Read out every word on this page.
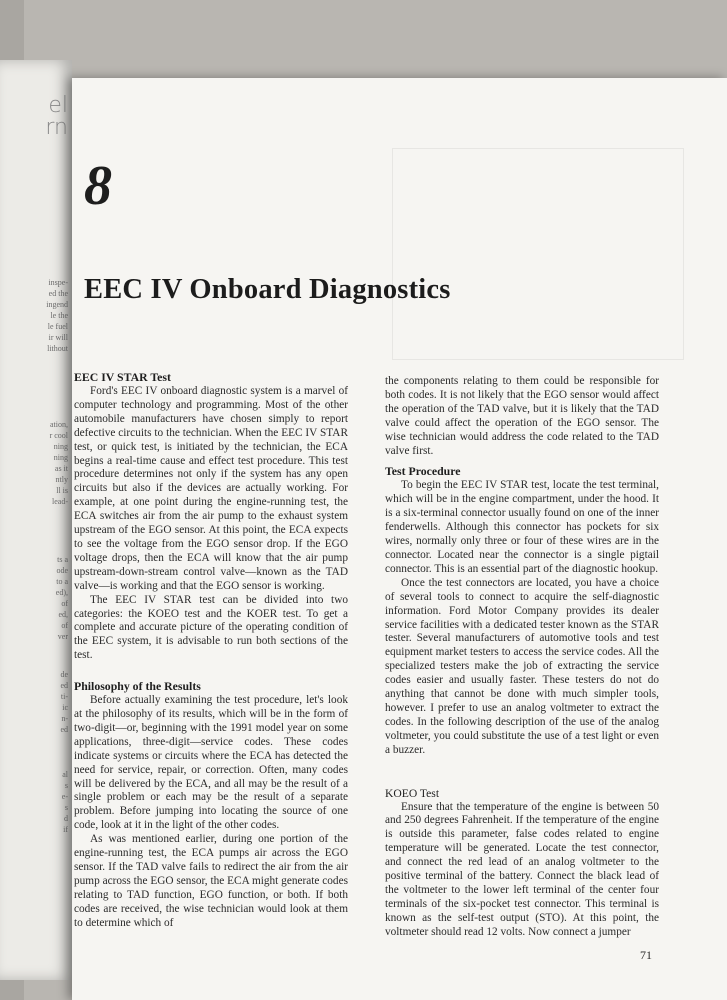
el
rn
inspe-
ed the
ingend
le the
le fuel
ir will
lithout
ation,
r cool
ning
ning
as it
ntly
ll is
lead-
ts a
ode
to a
ed),
of
ed,
of
ver
de
ed
ti-
ic
n-
ed
al
s
e-
s
d
if
8
EEC IV Onboard Diagnostics
EEC IV STAR Test

Ford's EEC IV onboard diagnostic system is a marvel of computer technology and programming. Most of the other automobile manufacturers have chosen simply to report defective circuits to the technician. When the EEC IV STAR test, or quick test, is initiated by the technician, the ECA begins a real-time cause and effect test procedure. This test procedure determines not only if the system has any open circuits but also if the devices are actually working. For example, at one point during the engine-running test, the ECA switches air from the air pump to the exhaust system upstream of the EGO sensor. At this point, the ECA expects to see the voltage from the EGO sensor drop. If the EGO voltage drops, then the ECA will know that the air pump upstream-down-stream control valve—known as the TAD valve—is working and that the EGO sensor is working.

The EEC IV STAR test can be divided into two categories: the KOEO test and the KOER test. To get a complete and accurate picture of the operating condition of the EEC system, it is advisable to run both sections of the test.

Philosophy of the Results

Before actually examining the test procedure, let's look at the philosophy of its results, which will be in the form of two-digit—or, beginning with the 1991 model year on some applications, three-digit—service codes. These codes indicate systems or circuits where the ECA has detected the need for service, repair, or correction. Often, many codes will be delivered by the ECA, and all may be the result of a single problem or each may be the result of a separate problem. Before jumping into locating the source of one code, look at it in the light of the other codes.

As was mentioned earlier, during one portion of the engine-running test, the ECA pumps air across the EGO sensor. If the TAD valve fails to redirect the air from the air pump across the EGO sensor, the ECA might generate codes relating to TAD function, EGO function, or both. If both codes are received, the wise technician would look at them to determine which of

the components relating to them could be responsible for both codes. It is not likely that the EGO sensor would affect the operation of the TAD valve, but it is likely that the TAD valve could affect the operation of the EGO sensor. The wise technician would address the code related to the TAD valve first.

Test Procedure

To begin the EEC IV STAR test, locate the test terminal, which will be in the engine compartment, under the hood. It is a six-terminal connector usually found on one of the inner fenderwells. Although this connector has pockets for six wires, normally only three or four of these wires are in the connector. Located near the connector is a single pigtail connector. This is an essential part of the diagnostic hookup.

Once the test connectors are located, you have a choice of several tools to connect to acquire the self-diagnostic information. Ford Motor Company provides its dealer service facilities with a dedicated tester known as the STAR tester. Several manufacturers of automotive tools and test equipment market testers to access the service codes. All the specialized testers make the job of extracting the service codes easier and usually faster. These testers do not do anything that cannot be done with much simpler tools, however. I prefer to use an analog voltmeter to extract the codes. In the following description of the use of the analog voltmeter, you could substitute the use of a test light or even a buzzer.

KOEO Test

Ensure that the temperature of the engine is between 50 and 250 degrees Fahrenheit. If the temperature of the engine is outside this parameter, false codes related to engine temperature will be generated. Locate the test connector, and connect the red lead of an analog voltmeter to the positive terminal of the battery. Connect the black lead of the voltmeter to the lower left terminal of the center four terminals of the six-pocket test connector. This terminal is known as the self-test output (STO). At this point, the voltmeter should read 12 volts. Now connect a jumper

71
